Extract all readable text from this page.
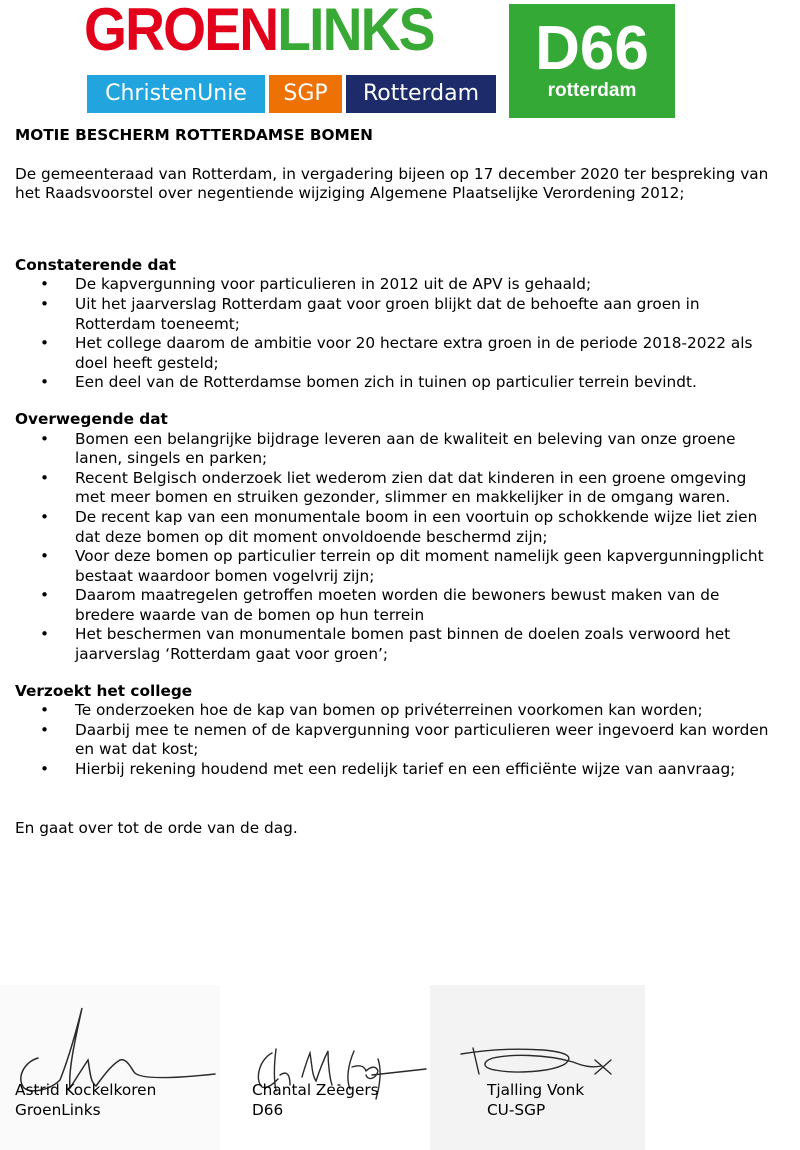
GROENLINKS
ChristenUnie	SGP	Rotterdam
D66
rotterdam

MOTIE BESCHERM ROTTERDAMSE BOMEN

De gemeenteraad van Rotterdam, in vergadering bijeen op 17 december 2020 ter bespreking van het Raadsvoorstel over negentiende wijziging Algemene Plaatselijke Verordening 2012;

Constaterende dat

• De kapvergunning voor particulieren in 2012 uit de APV is gehaald;
• Uit het jaarverslag Rotterdam gaat voor groen blijkt dat de behoefte aan groen in Rotterdam toeneemt;
• Het college daarom de ambitie voor 20 hectare extra groen in de periode 2018-2022 als doel heeft gesteld;
• Een deel van de Rotterdamse bomen zich in tuinen op particulier terrein bevindt.

Overwegende dat

• Bomen een belangrijke bijdrage leveren aan de kwaliteit en beleving van onze groene lanen, singels en parken;
• Recent Belgisch onderzoek liet wederom zien dat dat kinderen in een groene omgeving met meer bomen en struiken gezonder, slimmer en makkelijker in de omgang waren.
• De recent kap van een monumentale boom in een voortuin op schokkende wijze liet zien dat deze bomen op dit moment onvoldoende beschermd zijn;
• Voor deze bomen op particulier terrein op dit moment namelijk geen kapvergunningplicht bestaat waardoor bomen vogelvrij zijn;
• Daarom maatregelen getroffen moeten worden die bewoners bewust maken van de bredere waarde van de bomen op hun terrein
• Het beschermen van monumentale bomen past binnen de doelen zoals verwoord het jaarverslag ‘Rotterdam gaat voor groen’;

Verzoekt het college

• Te onderzoeken hoe de kap van bomen op privéterreinen voorkomen kan worden;
• Daarbij mee te nemen of de kapvergunning voor particulieren weer ingevoerd kan worden en wat dat kost;
• Hierbij rekening houdend met een redelijk tarief en een efficiënte wijze van aanvraag;

En gaat over tot de orde van de dag.

Astrid Kockelkoren
GroenLinks
Chantal Zeegers
D66
Tjalling Vonk
CU-SGP
